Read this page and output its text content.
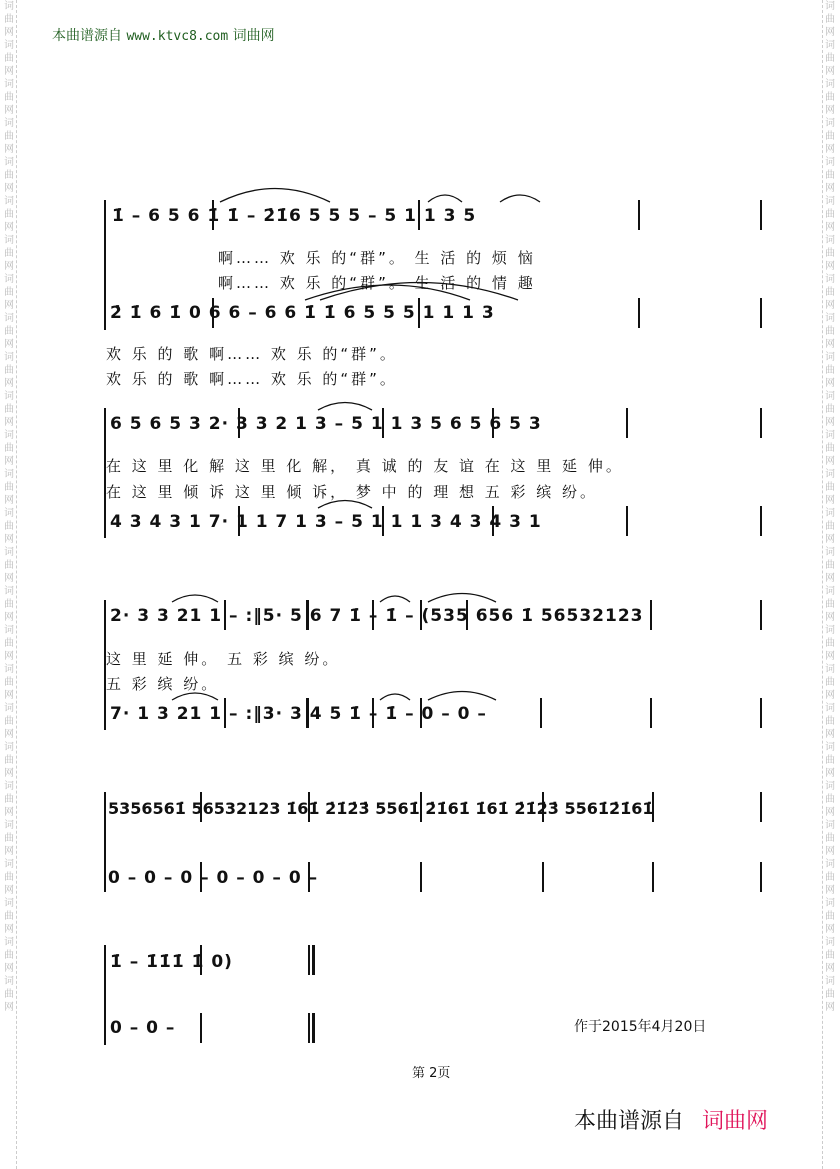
词曲网词曲网词曲网词曲网词曲网词曲网词曲网词曲网词曲网词曲网词曲网词曲网词曲网词曲网词曲网词曲网词曲网词曲网词曲网词曲网词曲网词曲网词曲网词曲网词曲网词曲网
词曲网词曲网词曲网词曲网词曲网词曲网词曲网词曲网词曲网词曲网词曲网词曲网词曲网词曲网词曲网词曲网词曲网词曲网词曲网词曲网词曲网词曲网词曲网词曲网词曲网词曲网
本曲谱源自 www.ktvc8.com 词曲网
1̇ – 6 5 6 1̇ 1̇ – 2̇1̇6 5 5 5 – 5 1 1 3 5
啊…… 欢 乐 的“群”。 生 活 的 烦 恼
啊…… 欢 乐 的“群”。 生 活 的 情 趣
2̇ 1̇ 6 1̇ 0 6 6 – 6 6 1̇ 1̇ 6 5 5 5 1 1 1 3
欢 乐 的 歌 啊…… 欢 乐 的“群”。
欢 乐 的 歌 啊…… 欢 乐 的“群”。
6 5 6 5 3 2· 3 3 2 1 3 – 5 1 1 3 5 6 5 6 5 3
在 这 里 化 解 这 里 化 解， 真 诚 的 友 谊 在 这 里 延 伸。
在 这 里 倾 诉 这 里 倾 诉， 梦 中 的 理 想 五 彩 缤 纷。
4 3 4 3 1 7· 1 1 7 1 3 – 5 1 1 1 3 4 3 4 3 1
2· 3 3 21 1 – :‖5· 5 6 7 1̇ – 1̇ – (535 656 1̇ 56532123
这 里 延 伸。 五 彩 缤 纷。
五 彩 缤 纷。
7· 1 3 21 1 – :‖3· 3 4 5 1̇ – 1̇ – 0 – 0 –
5356561̇ 56532123 1̇61̇ 2̇1̇2̇3̇ 5561̇ 2̇1̇61̇ 1̇61̇ 2̇1̇2̇3̇ 5561̇2̇1̇61̇
0 – 0 – 0 – 0 – 0 – 0 –
1̇ – 1̇1̇1̇ 1̇ 0)
0 – 0 –	作于2015年4月20日
第 2页
本曲谱源自 词曲网
